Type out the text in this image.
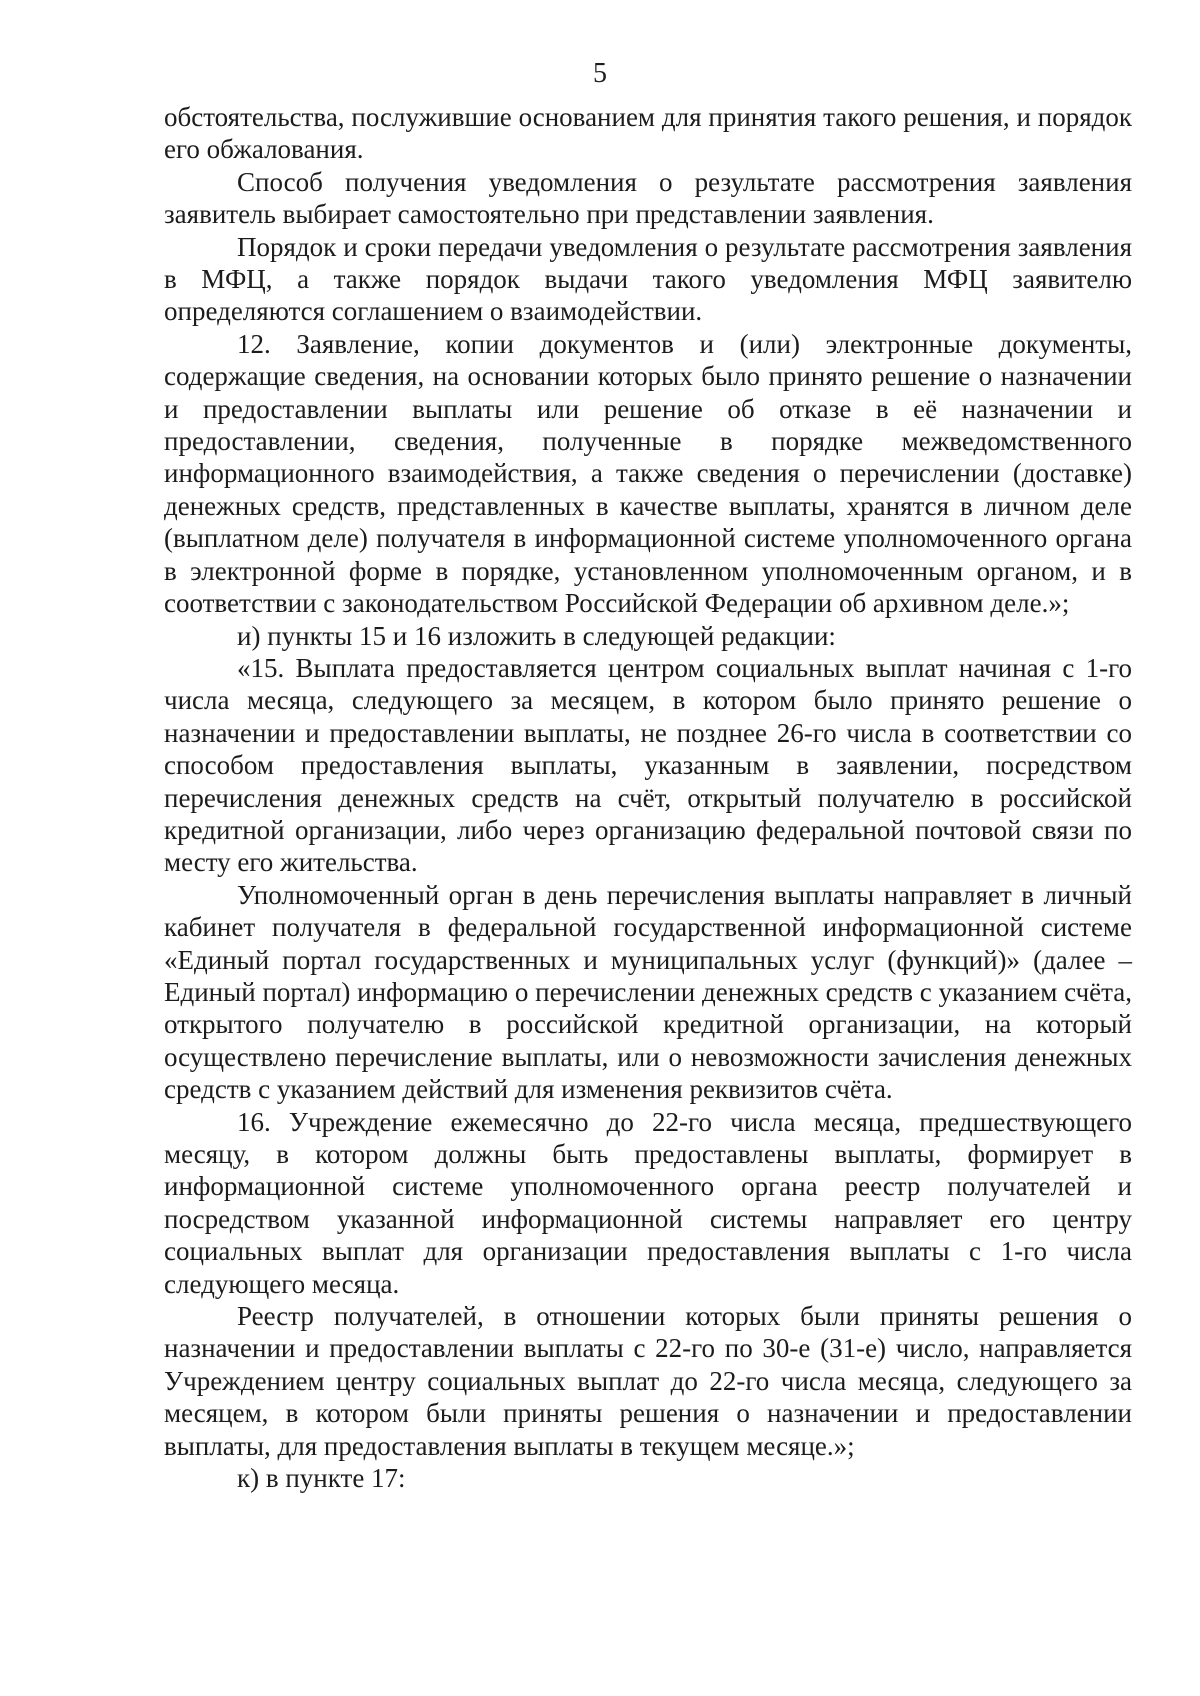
5

обстоятельства, послужившие основанием для принятия такого решения, и порядок его обжалования.

Способ получения уведомления о результате рассмотрения заявления заявитель выбирает самостоятельно при представлении заявления.

Порядок и сроки передачи уведомления о результате рассмотрения заявления в МФЦ, а также порядок выдачи такого уведомления МФЦ заявителю определяются соглашением о взаимодействии.

12. Заявление, копии документов и (или) электронные документы, содержащие сведения, на основании которых было принято решение о назначении и предоставлении выплаты или решение об отказе в её назначении и предоставлении, сведения, полученные в порядке межведомственного информационного взаимодействия, а также сведения о перечислении (доставке) денежных средств, представленных в качестве выплаты, хранятся в личном деле (выплатном деле) получателя в информационной системе уполномоченного органа в электронной форме в порядке, установленном уполномоченным органом, и в соответствии с законодательством Российской Федерации об архивном деле.»;

и) пункты 15 и 16 изложить в следующей редакции:

«15. Выплата предоставляется центром социальных выплат начиная с 1-го числа месяца, следующего за месяцем, в котором было принято решение о назначении и предоставлении выплаты, не позднее 26-го числа в соответствии со способом предоставления выплаты, указанным в заявлении, посредством перечисления денежных средств на счёт, открытый получателю в российской кредитной организации, либо через организацию федеральной почтовой связи по месту его жительства.

Уполномоченный орган в день перечисления выплаты направляет в личный кабинет получателя в федеральной государственной информационной системе «Единый портал государственных и муниципальных услуг (функций)» (далее – Единый портал) информацию о перечислении денежных средств с указанием счёта, открытого получателю в российской кредитной организации, на который осуществлено перечисление выплаты, или о невозможности зачисления денежных средств с указанием действий для изменения реквизитов счёта.

16. Учреждение ежемесячно до 22-го числа месяца, предшествующего месяцу, в котором должны быть предоставлены выплаты, формирует в информационной системе уполномоченного органа реестр получателей и посредством указанной информационной системы направляет его центру социальных выплат для организации предоставления выплаты с 1-го числа следующего месяца.

Реестр получателей, в отношении которых были приняты решения о назначении и предоставлении выплаты с 22-го по 30-е (31-е) число, направляется Учреждением центру социальных выплат до 22-го числа месяца, следующего за месяцем, в котором были приняты решения о назначении и предоставлении выплаты, для предоставления выплаты в текущем месяце.»;

к) в пункте 17:
